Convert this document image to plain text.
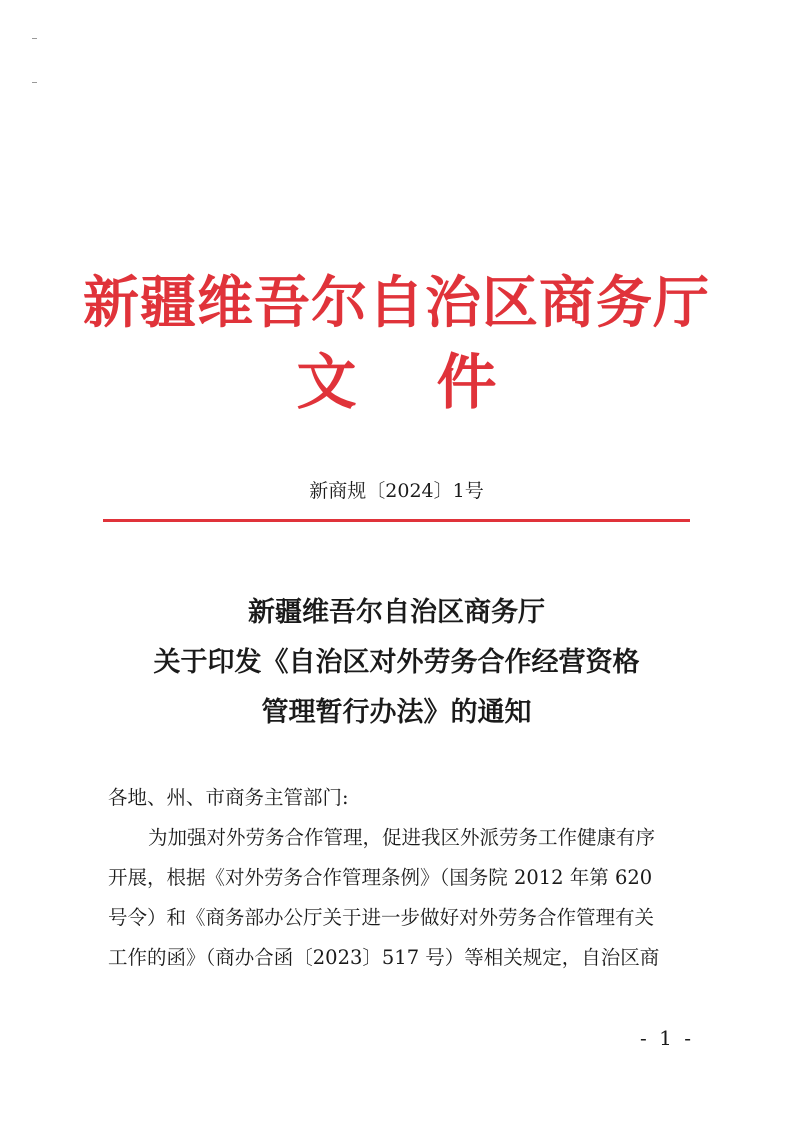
新疆维吾尔自治区商务厅
文件
新商规〔2024〕1号
新疆维吾尔自治区商务厅
关于印发《自治区对外劳务合作经营资格
管理暂行办法》的通知

各地、州、市商务主管部门:

为加强对外劳务合作管理，促进我区外派劳务工作健康有序

开展，根据《对外劳务合作管理条例》（国务院 2012 年第 620

号令）和《商务部办公厅关于进一步做好对外劳务合作管理有关

工作的函》（商办合函〔2023〕517 号）等相关规定，自治区商

- 1 -
